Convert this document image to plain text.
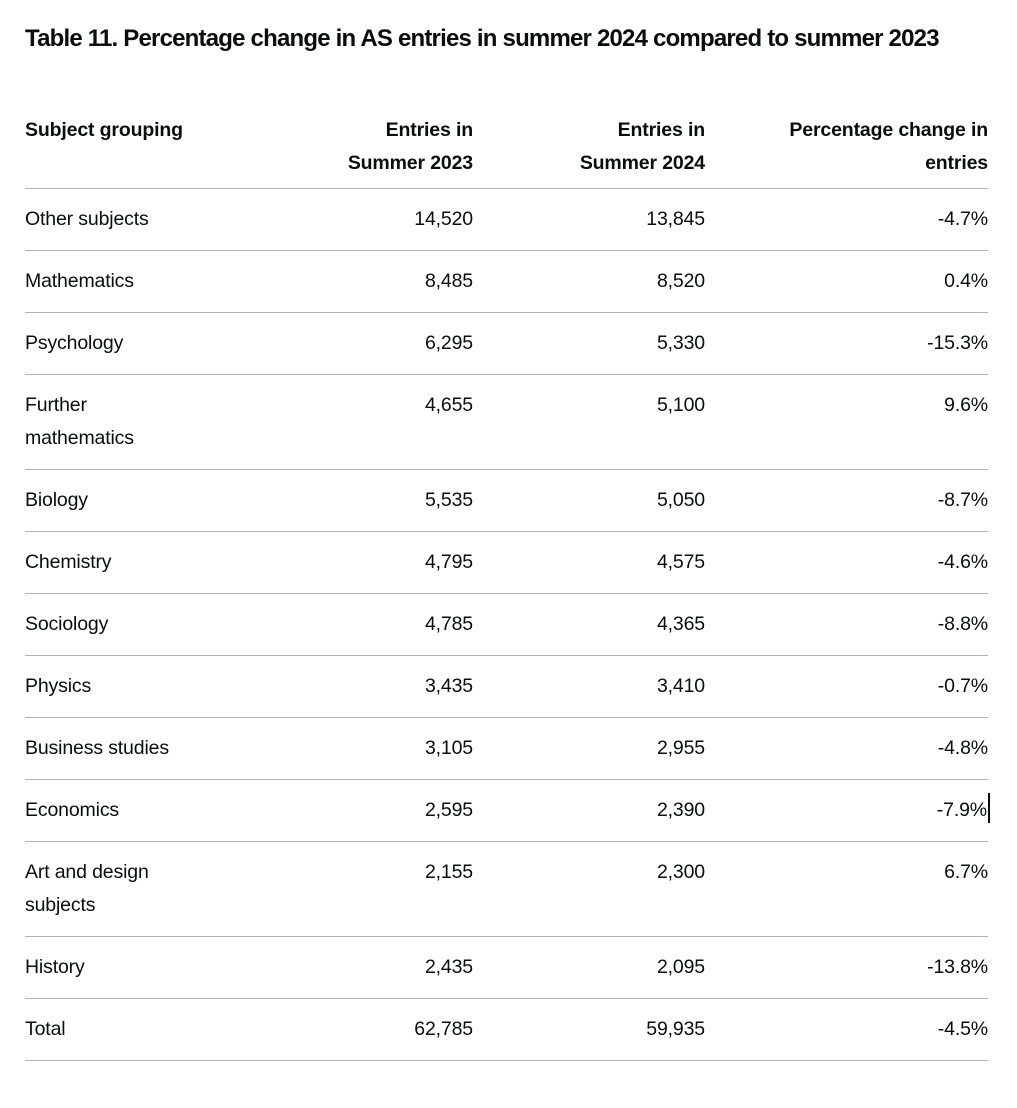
Table 11. Percentage change in AS entries in summer 2024 compared to summer 2023
Subject grouping	Entries in Summer 2023	Entries in Summer 2024	Percentage change in entries
Other subjects	14,520	13,845	-4.7%
Mathematics	8,485	8,520	0.4%
Psychology	6,295	5,330	-15.3%
Further mathematics	4,655	5,100	9.6%
Biology	5,535	5,050	-8.7%
Chemistry	4,795	4,575	-4.6%
Sociology	4,785	4,365	-8.8%
Physics	3,435	3,410	-0.7%
Business studies	3,105	2,955	-4.8%
Economics	2,595	2,390	-7.9%
Art and design subjects	2,155	2,300	6.7%
History	2,435	2,095	-13.8%
Total	62,785	59,935	-4.5%
